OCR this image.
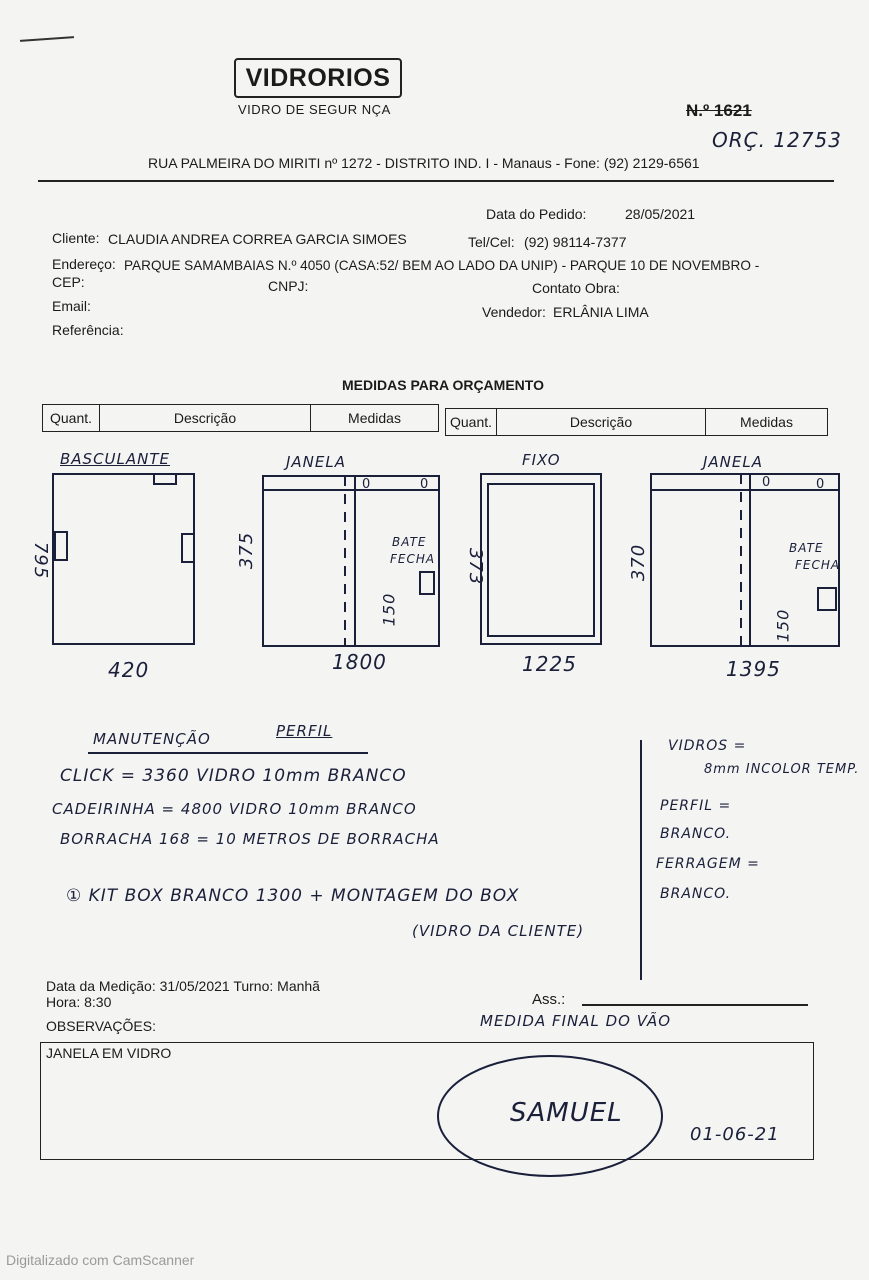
VIDRORIOS
VIDRO DE SEGUR NÇA	N.º 1621
ORÇ. 12753
RUA PALMEIRA DO MIRITI nº 1272 - DISTRITO IND. I - Manaus - Fone: (92) 2129-6561
Data do Pedido:	28/05/2021
Cliente: CLAUDIA ANDREA CORREA GARCIA SIMOES	Tel/Cel: (92) 98114-7377
Endereço: PARQUE SAMAMBAIAS N.º 4050 (CASA:52/ BEM AO LADO DA UNIP) - PARQUE 10 DE NOVEMBRO -
CEP:	CNPJ:	Contato Obra:
Email:	Vendedor: ERLÂNIA LIMA
Referência:
MEDIDAS PARA ORÇAMENTO
Quant.	Descrição	Medidas	Quant.	Descrição	Medidas
0	0	0	0
BASCULANTE	JANELA	FIXO	JANELA
795	375	373	370
BATE
FECHA
150
BATE
FECHA
150
420	1800	1225	1395
MANUTENÇÃO	PERFIL
CLICK = 3360 VIDRO 10mm BRANCO
CADEIRINHA = 4800 VIDRO 10mm BRANCO
BORRACHA 168 = 10 METROS DE BORRACHA
① KIT BOX BRANCO 1300 + MONTAGEM DO BOX
(VIDRO DA CLIENTE)
VIDROS =
8mm INCOLOR TEMP.
PERFIL =
BRANCO.
FERRAGEM =
BRANCO.
Data da Medição: 31/05/2021 Turno: Manhã
Hora: 8:30	Ass.:
OBSERVAÇÕES:	MEDIDA FINAL DO VÃO
JANELA EM VIDRO
SAMUEL
01-06-21
Digitalizado com CamScanner
